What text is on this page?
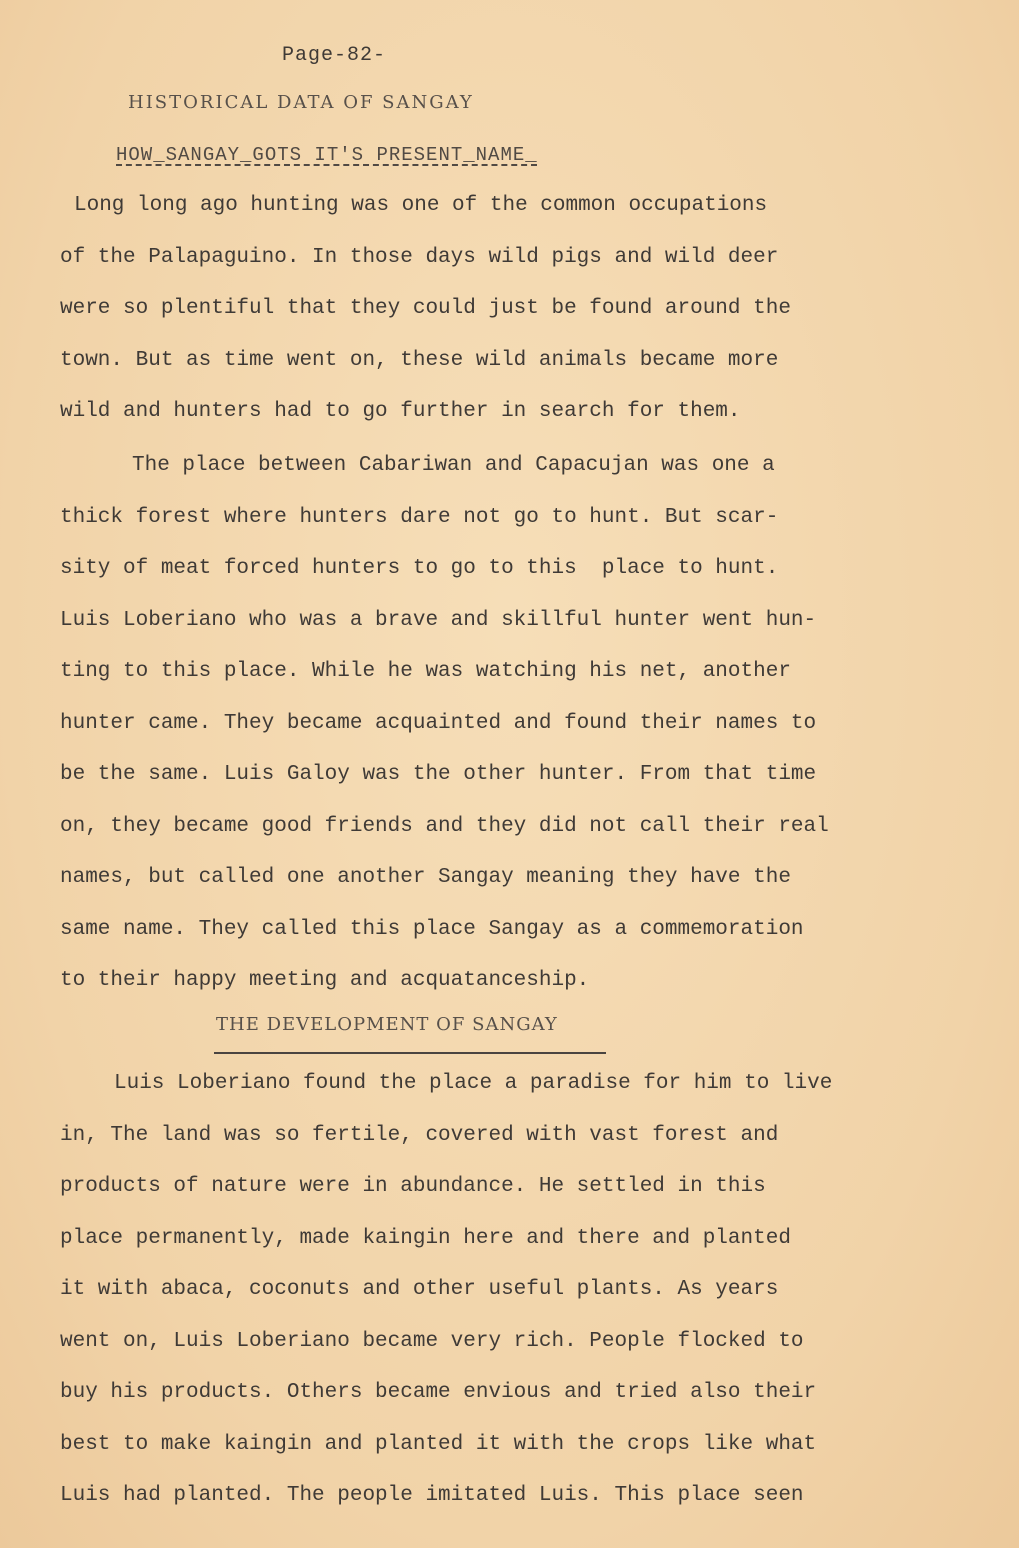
Page-82-
HISTORICAL DATA OF SANGAY
HOW_SANGAY_GOTS IT'S PRESENT_NAME_
Long long ago hunting was one of the common occupations
of the Palapaguino. In those days wild pigs and wild deer
were so plentiful that they could just be found around the
town. But as time went on, these wild animals became more
wild and hunters had to go further in search for them.
The place between Cabariwan and Capacujan was one a
thick forest where hunters dare not go to hunt. But scar-
sity of meat forced hunters to go to this  place to hunt.
Luis Loberiano who was a brave and skillful hunter went hun-
ting to this place. While he was watching his net, another
hunter came. They became acquainted and found their names to
be the same. Luis Galoy was the other hunter. From that time
on, they became good friends and they did not call their real
names, but called one another Sangay meaning they have the
same name. They called this place Sangay as a commemoration
to their happy meeting and acquatanceship.
THE DEVELOPMENT OF SANGAY
Luis Loberiano found the place a paradise for him to live
in, The land was so fertile, covered with vast forest and
products of nature were in abundance. He settled in this
place permanently, made kaingin here and there and planted
it with abaca, coconuts and other useful plants. As years
went on, Luis Loberiano became very rich. People flocked to
buy his products. Others became envious and tried also their
best to make kaingin and planted it with the crops like what
Luis had planted. The people imitated Luis. This place seen
